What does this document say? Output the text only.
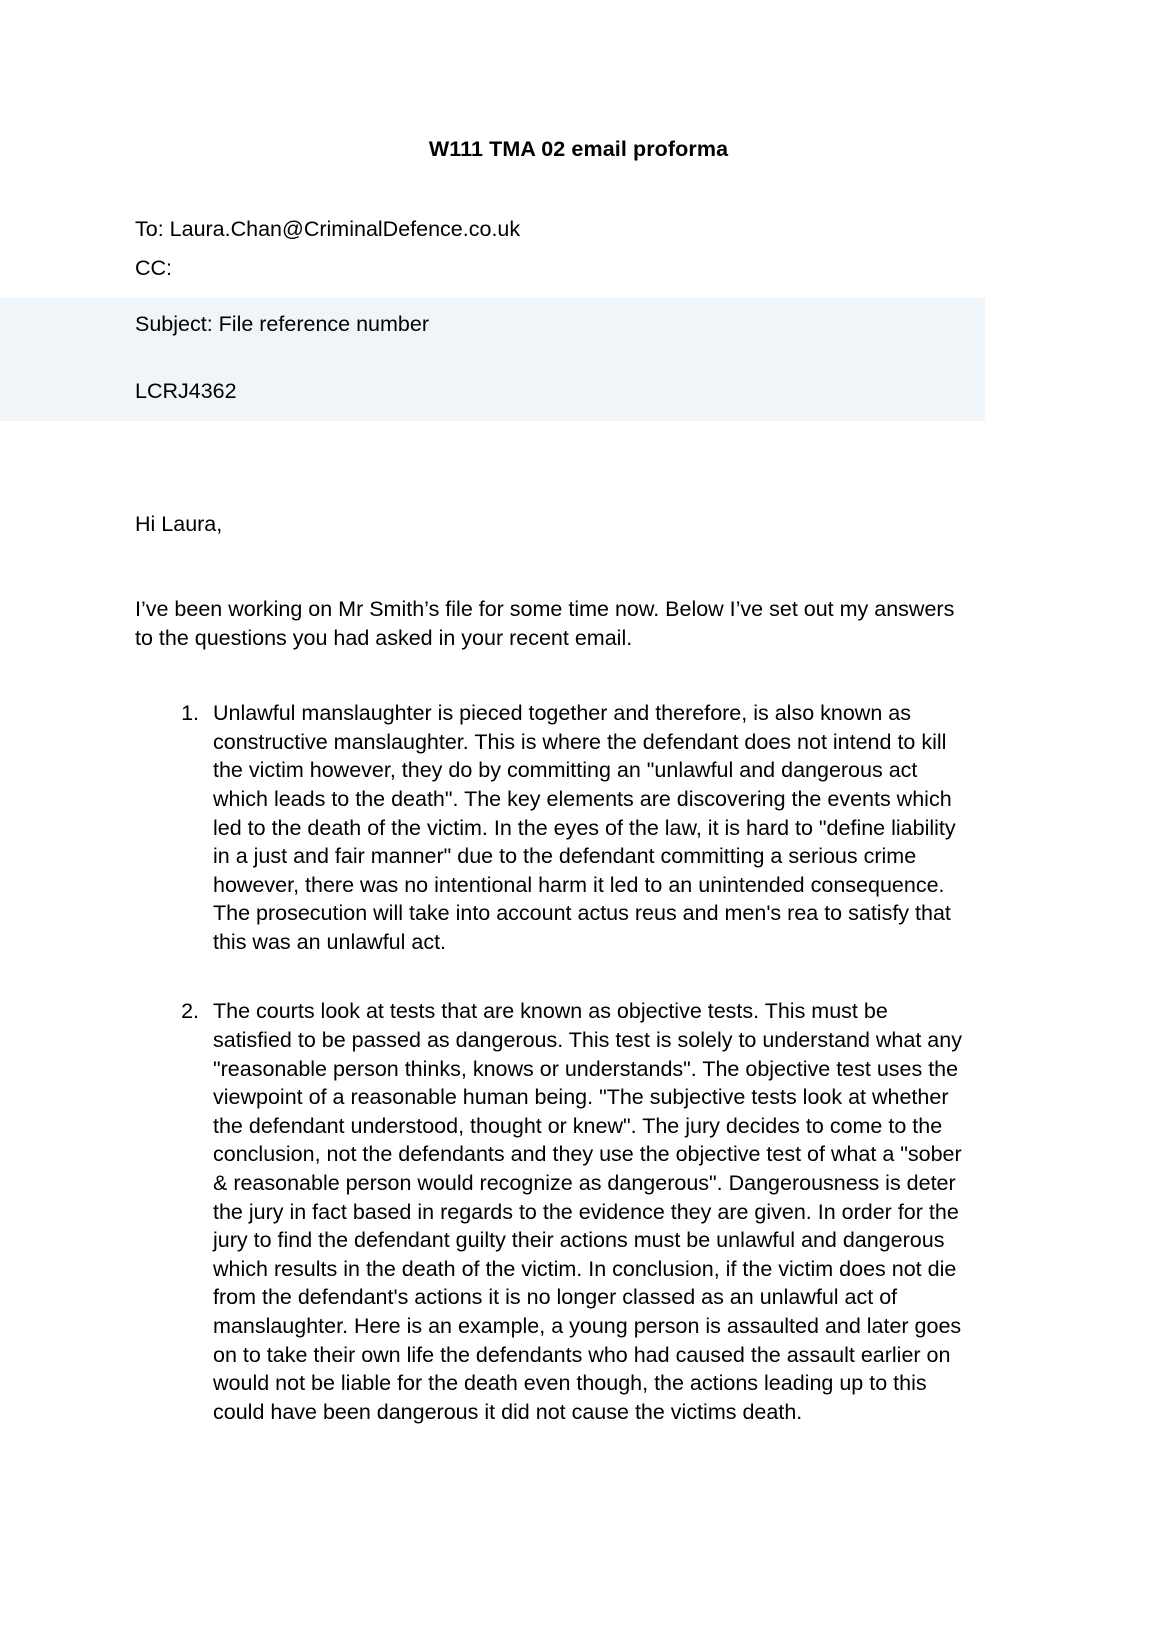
W111 TMA 02 email proforma

To: Laura.Chan@CriminalDefence.co.uk

CC:

Subject: File reference number

LCRJ4362

Hi Laura,

I’ve been working on Mr Smith’s file for some time now. Below I’ve set out my answers to the questions you had asked in your recent email.

1. Unlawful manslaughter is pieced together and therefore, is also known as constructive manslaughter. This is where the defendant does not intend to kill the victim however, they do by committing an "unlawful and dangerous act which leads to the death". The key elements are discovering the events which led to the death of the victim. In the eyes of the law, it is hard to "define liability in a just and fair manner" due to the defendant committing a serious crime however, there was no intentional harm it led to an unintended consequence. The prosecution will take into account actus reus and men's rea to satisfy that this was an unlawful act.
2. The courts look at tests that are known as objective tests. This must be satisfied to be passed as dangerous. This test is solely to understand what any "reasonable person thinks, knows or understands". The objective test uses the viewpoint of a reasonable human being. "The subjective tests look at whether the defendant understood, thought or knew". The jury decides to come to the conclusion, not the defendants and they use the objective test of what a "sober & reasonable person would recognize as dangerous". Dangerousness is deter the jury in fact based in regards to the evidence they are given. In order for the jury to find the defendant guilty their actions must be unlawful and dangerous which results in the death of the victim. In conclusion, if the victim does not die from the defendant's actions it is no longer classed as an unlawful act of manslaughter. Here is an example, a young person is assaulted and later goes on to take their own life the defendants who had caused the assault earlier on would not be liable for the death even though, the actions leading up to this could have been dangerous it did not cause the victims death.
